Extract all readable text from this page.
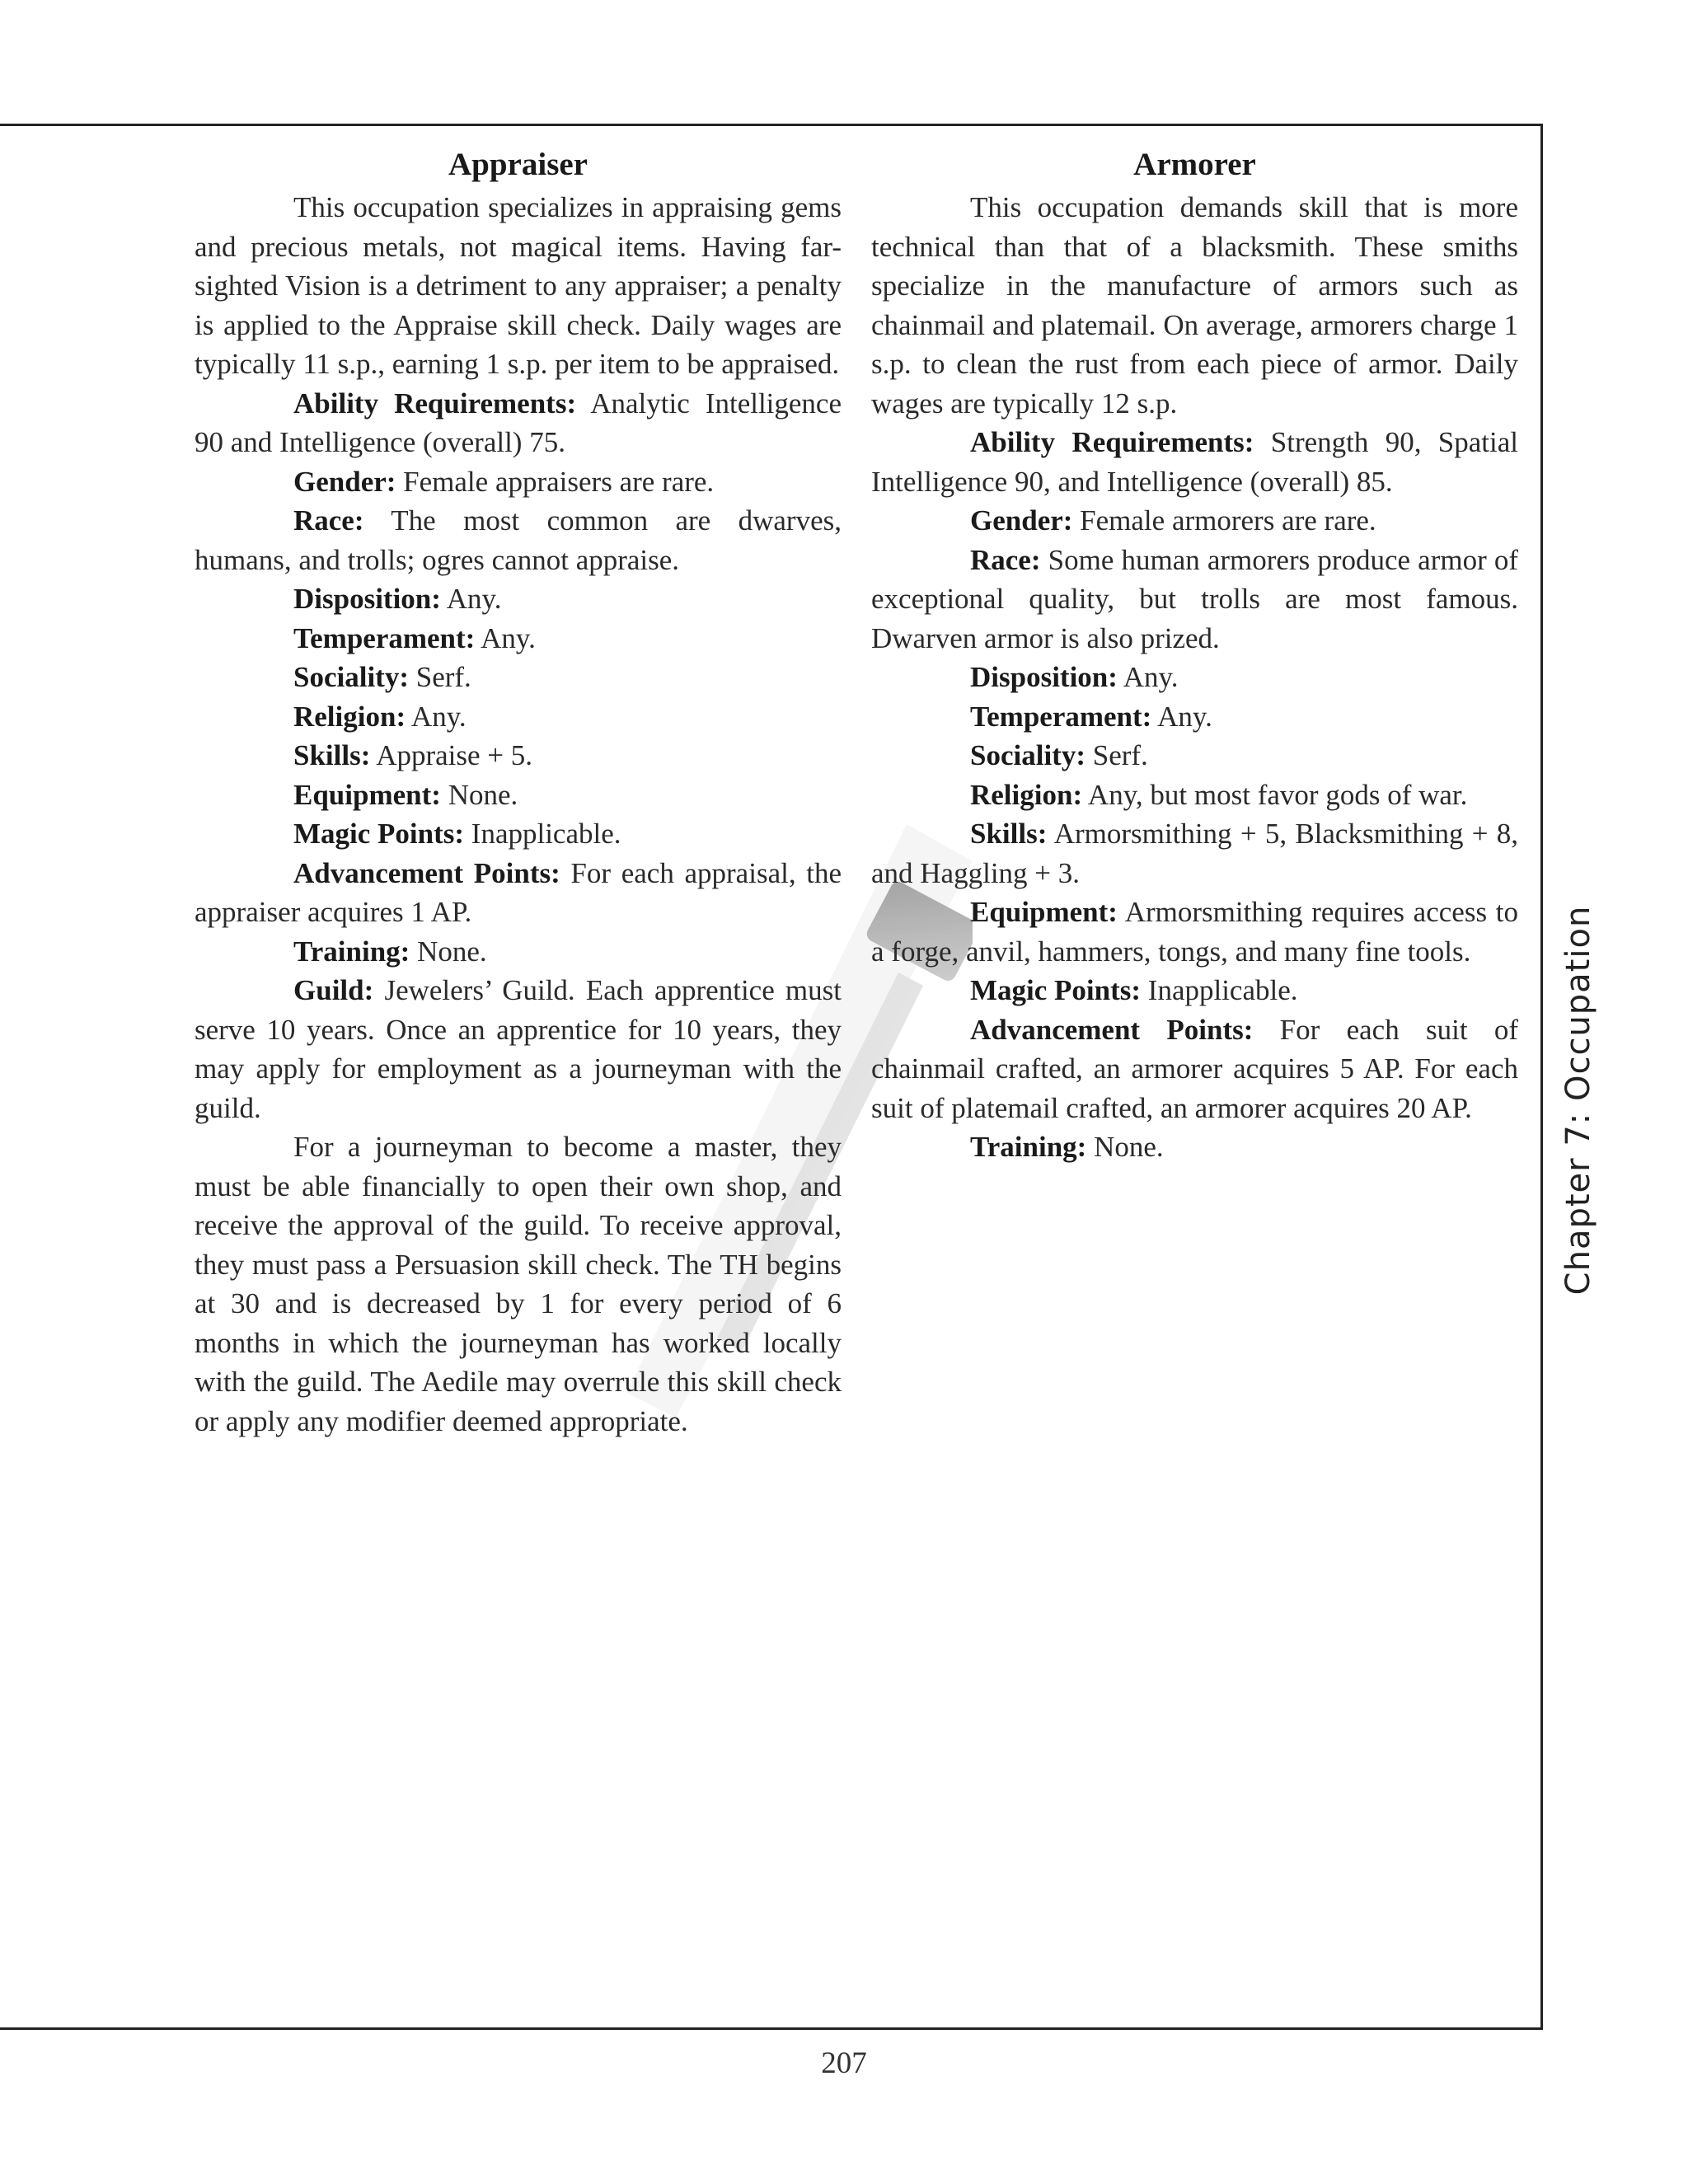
Appraiser

This occupation specializes in appraising gems and precious metals, not magical items. Having far-sighted Vision is a detriment to any appraiser; a penalty is applied to the Appraise skill check. Daily wages are typically 11 s.p., earning 1 s.p. per item to be appraised.

Ability Requirements: Analytic Intelligence 90 and Intelligence (overall) 75.

Gender: Female appraisers are rare.

Race: The most common are dwarves, humans, and trolls; ogres cannot appraise.

Disposition: Any.

Temperament: Any.

Sociality: Serf.

Religion: Any.

Skills: Appraise + 5.

Equipment: None.

Magic Points: Inapplicable.

Advancement Points: For each appraisal, the appraiser acquires 1 AP.

Training: None.

Guild: Jewelers’ Guild. Each apprentice must serve 10 years. Once an apprentice for 10 years, they may apply for employment as a journeyman with the guild.

For a journeyman to become a master, they must be able financially to open their own shop, and receive the approval of the guild. To receive approval, they must pass a Persuasion skill check. The TH begins at 30 and is decreased by 1 for every period of 6 months in which the journeyman has worked locally with the guild. The Aedile may overrule this skill check or apply any modifier deemed appropriate.

Armorer

This occupation demands skill that is more technical than that of a blacksmith. These smiths specialize in the manufacture of armors such as chainmail and platemail. On average, armorers charge 1 s.p. to clean the rust from each piece of armor. Daily wages are typically 12 s.p.

Ability Requirements: Strength 90, Spatial Intelligence 90, and Intelligence (overall) 85.

Gender: Female armorers are rare.

Race: Some human armorers produce armor of exceptional quality, but trolls are most famous. Dwarven armor is also prized.

Disposition: Any.

Temperament: Any.

Sociality: Serf.

Religion: Any, but most favor gods of war.

Skills: Armorsmithing + 5, Blacksmithing + 8, and Haggling + 3.

Equipment: Armorsmithing requires access to a forge, anvil, hammers, tongs, and many fine tools.

Magic Points: Inapplicable.

Advancement Points: For each suit of chainmail crafted, an armorer acquires 5 AP. For each suit of platemail crafted, an armorer acquires 20 AP.

Training: None.	Chapter 7: Occupation
207
